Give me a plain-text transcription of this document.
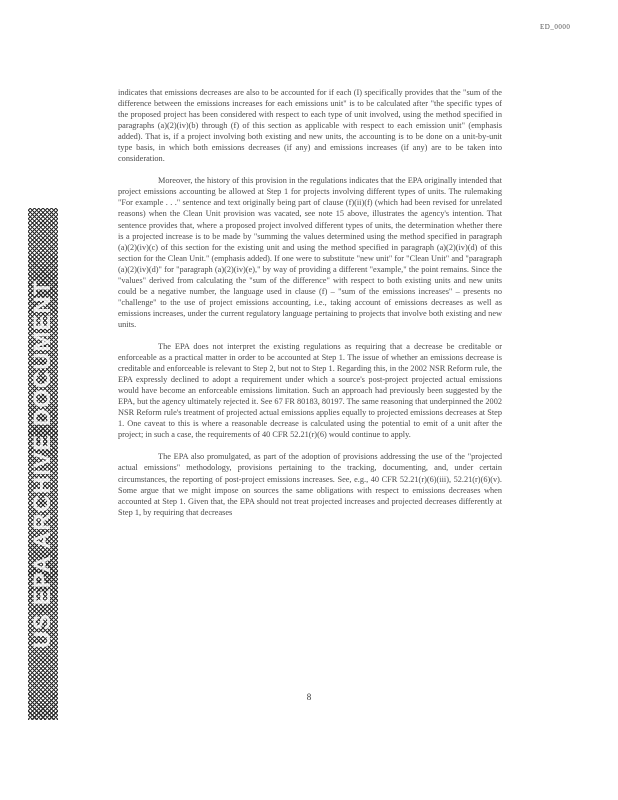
ED_0000
US EPA ARCHIVE DOCUMENT

indicates that emissions decreases are also to be accounted for if each (I) specifically provides that the "sum of the difference between the emissions increases for each emissions unit" is to be calculated after "the specific types of the proposed project has been considered with respect to each type of unit involved, using the method specified in paragraphs (a)(2)(iv)(b) through (f) of this section as applicable with respect to each emission unit" (emphasis added). That is, if a project involving both existing and new units, the accounting is to be done on a unit-by-unit type basis, in which both emissions decreases (if any) and emissions increases (if any) are to be taken into consideration.

Moreover, the history of this provision in the regulations indicates that the EPA originally intended that project emissions accounting be allowed at Step 1 for projects involving different types of units. The rulemaking "For example . . ." sentence and text originally being part of clause (f)(ii)(f) (which had been revised for unrelated reasons) when the Clean Unit provision was vacated, see note 15 above, illustrates the agency's intention. That sentence provides that, where a proposed project involved different types of units, the determination whether there is a projected increase is to be made by "summing the values determined using the method specified in paragraph (a)(2)(iv)(c) of this section for the existing unit and using the method specified in paragraph (a)(2)(iv)(d) of this section for the Clean Unit." (emphasis added). If one were to substitute "new unit" for "Clean Unit" and "paragraph (a)(2)(iv)(d)" for "paragraph (a)(2)(iv)(e)," by way of providing a different "example," the point remains. Since the "values" derived from calculating the "sum of the difference" with respect to both existing units and new units could be a negative number, the language used in clause (f) – "sum of the emissions increases" – presents no "challenge" to the use of project emissions accounting, i.e., taking account of emissions decreases as well as emissions increases, under the current regulatory language pertaining to projects that involve both existing and new units.

The EPA does not interpret the existing regulations as requiring that a decrease be creditable or enforceable as a practical matter in order to be accounted at Step 1. The issue of whether an emissions decrease is creditable and enforceable is relevant to Step 2, but not to Step 1. Regarding this, in the 2002 NSR Reform rule, the EPA expressly declined to adopt a requirement under which a source's post-project projected actual emissions would have become an enforceable emissions limitation. Such an approach had previously been suggested by the EPA, but the agency ultimately rejected it. See 67 FR 80183, 80197. The same reasoning that underpinned the 2002 NSR Reform rule's treatment of projected actual emissions applies equally to projected emissions decreases at Step 1. One caveat to this is where a reasonable decrease is calculated using the potential to emit of a unit after the project; in such a case, the requirements of 40 CFR 52.21(r)(6) would continue to apply.

The EPA also promulgated, as part of the adoption of provisions addressing the use of the "projected actual emissions" methodology, provisions pertaining to the tracking, documenting, and, under certain circumstances, the reporting of post-project emissions increases. See, e.g., 40 CFR 52.21(r)(6)(iii), 52.21(r)(6)(v). Some argue that we might impose on sources the same obligations with respect to emissions decreases when accounted at Step 1. Given that, the EPA should not treat projected increases and projected decreases differently at Step 1, by requiring that decreases

8
